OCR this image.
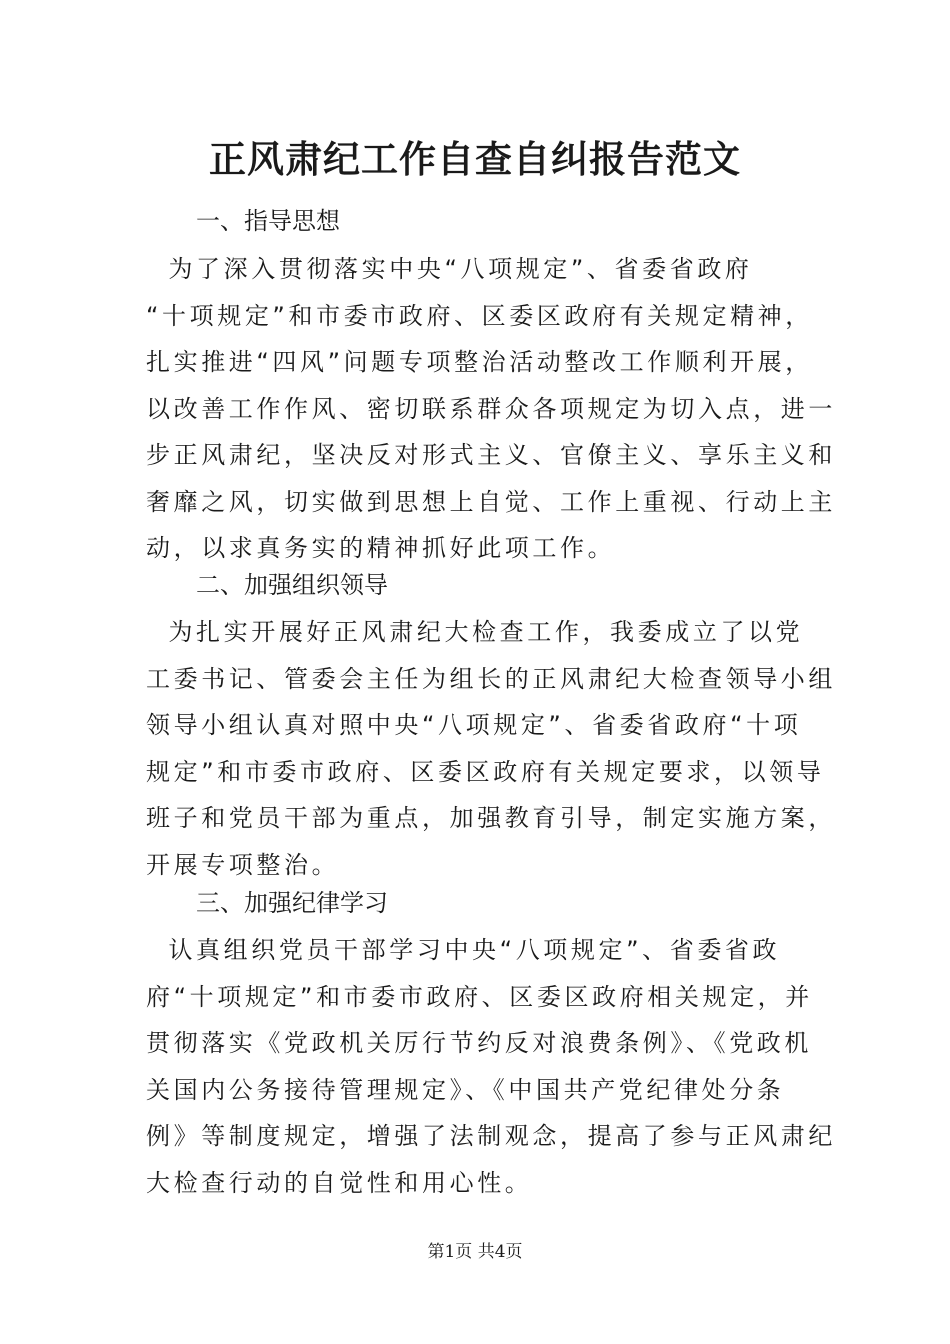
正风肃纪工作自查自纠报告范文
一、指导思想
为了深入贯彻落实中央“八项规定”、省委省政府
“十项规定”和市委市政府、区委区政府有关规定精神，
扎实推进“四风”问题专项整治活动整改工作顺利开展，
以改善工作作风、密切联系群众各项规定为切入点，进一
步正风肃纪，坚决反对形式主义、官僚主义、享乐主义和
奢靡之风，切实做到思想上自觉、工作上重视、行动上主
动，以求真务实的精神抓好此项工作。
二、加强组织领导
为扎实开展好正风肃纪大检查工作，我委成立了以党
工委书记、管委会主任为组长的正风肃纪大检查领导小组
领导小组认真对照中央“八项规定”、省委省政府“十项
规定”和市委市政府、区委区政府有关规定要求，以领导
班子和党员干部为重点，加强教育引导，制定实施方案，
开展专项整治。
三、加强纪律学习
认真组织党员干部学习中央“八项规定”、省委省政
府“十项规定”和市委市政府、区委区政府相关规定，并
贯彻落实《党政机关厉行节约反对浪费条例》、《党政机
关国内公务接待管理规定》、《中国共产党纪律处分条
例》等制度规定，增强了法制观念，提高了参与正风肃纪
大检查行动的自觉性和用心性。
第1页 共4页
